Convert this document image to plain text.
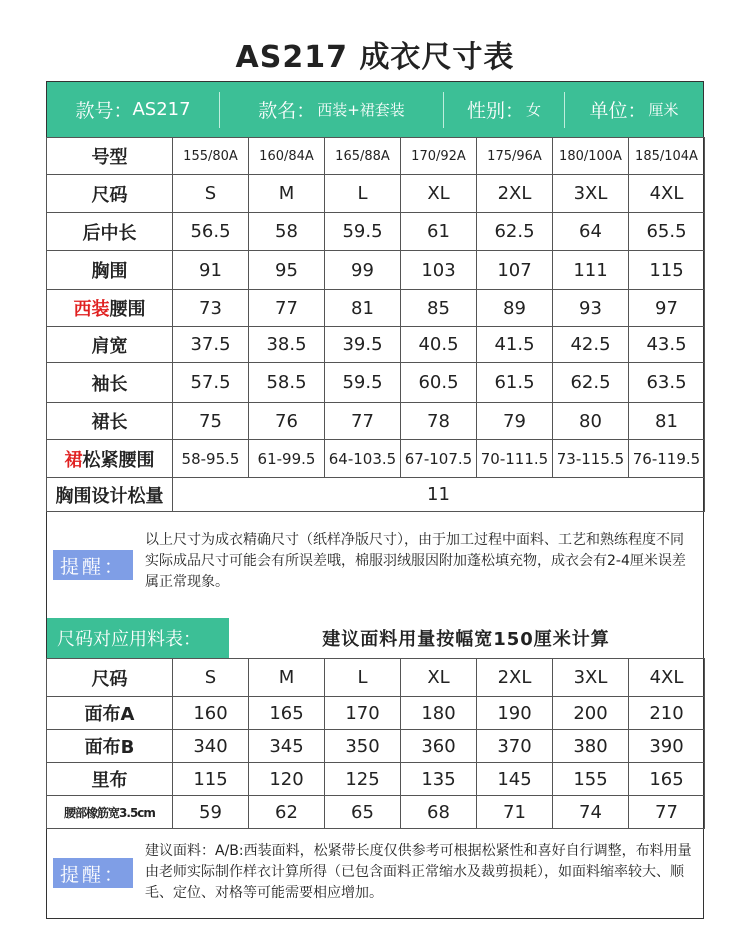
AS217 成衣尺寸表
款号： AS217	款名： 西装+裙套装	性别： 女	单位： 厘米
号型	155/80A	160/84A	165/88A	170/92A	175/96A	180/100A	185/104A
尺码	S	M	L	XL	2XL	3XL	4XL
后中长	56.5	58	59.5	61	62.5	64	65.5
胸围	91	95	99	103	107	111	115
西装腰围	73	77	81	85	89	93	97
肩宽	37.5	38.5	39.5	40.5	41.5	42.5	43.5
袖长	57.5	58.5	59.5	60.5	61.5	62.5	63.5
裙长	75	76	77	78	79	80	81
裙松紧腰围	58-95.5	61-99.5	64-103.5	67-107.5	70-111.5	73-115.5	76-119.5
胸围设计松量	11						
提醒：
以上尺寸为成衣精确尺寸（纸样净版尺寸），由于加工过程中面料、工艺和熟练程度不同实际成品尺寸可能会有所误差哦，棉服羽绒服因附加蓬松填充物，成衣会有2-4厘米误差属正常现象。
尺码对应用料表：	建议面料用量按幅宽150厘米计算
尺码	S	M	L	XL	2XL	3XL	4XL
面布A	160	165	170	180	190	200	210
面布B	340	345	350	360	370	380	390
里布	115	120	125	135	145	155	165
腰部橡筋宽3.5cm	59	62	65	68	71	74	77
提醒：
建议面料：A/B:西装面料，松紧带长度仅供参考可根据松紧性和喜好自行调整，布料用量由老师实际制作样衣计算所得（已包含面料正常缩水及裁剪损耗），如面料缩率较大、顺毛、定位、对格等可能需要相应增加。
